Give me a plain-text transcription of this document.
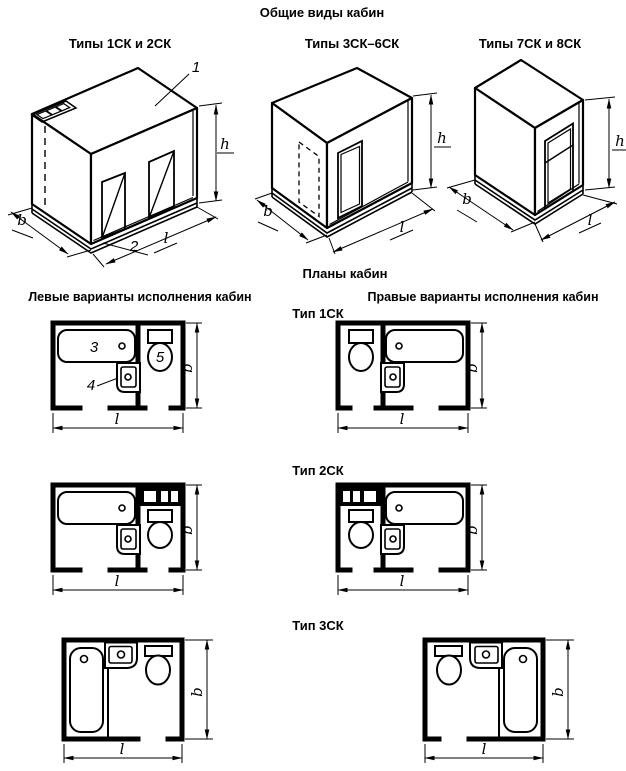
Общие виды кабин
Типы 1СК и 2СК	Типы 3СК–6СК	Типы 7СК и 8СК
1
2
h
b
l
h
b
l
h
b
l
Планы кабин
Левые варианты исполнения кабин	Правые варианты исполнения кабин
Тип 1СК
Тип 2СК
Тип 3СК
3
4
5
b
l
b
l
b
l
b
l
b
l
b
l
